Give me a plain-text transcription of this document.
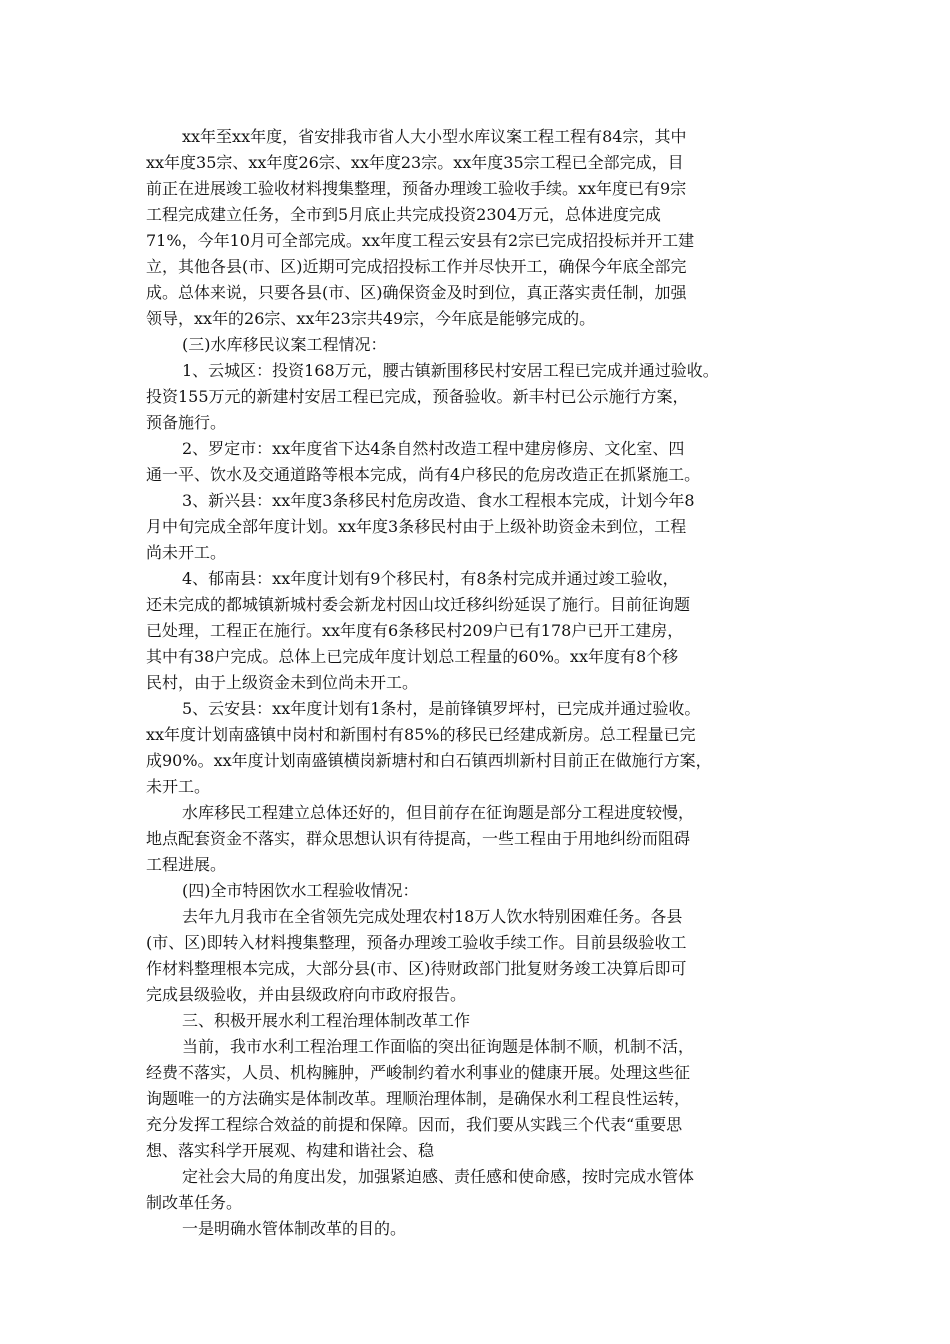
xx年至xx年度，省安排我市省人大小型水库议案工程工程有84宗，其中
xx年度35宗、xx年度26宗、xx年度23宗。xx年度35宗工程已全部完成，目
前正在进展竣工验收材料搜集整理，预备办理竣工验收手续。xx年度已有9宗
工程完成建立任务，全市到5月底止共完成投资2304万元，总体进度完成
71%，今年10月可全部完成。xx年度工程云安县有2宗已完成招投标并开工建
立，其他各县(市、区)近期可完成招投标工作并尽快开工，确保今年底全部完
成。总体来说，只要各县(市、区)确保资金及时到位，真正落实责任制，加强
领导，xx年的26宗、xx年23宗共49宗，今年底是能够完成的。
(三)水库移民议案工程情况：
1、云城区：投资168万元，腰古镇新围移民村安居工程已完成并通过验收。
投资155万元的新建村安居工程已完成，预备验收。新丰村已公示施行方案，
预备施行。
2、罗定市：xx年度省下达4条自然村改造工程中建房修房、文化室、四
通一平、饮水及交通道路等根本完成，尚有4户移民的危房改造正在抓紧施工。
3、新兴县：xx年度3条移民村危房改造、食水工程根本完成，计划今年8
月中旬完成全部年度计划。xx年度3条移民村由于上级补助资金未到位，工程
尚未开工。
4、郁南县：xx年度计划有9个移民村，有8条村完成并通过竣工验收，
还未完成的都城镇新城村委会新龙村因山坟迁移纠纷延误了施行。目前征询题
已处理，工程正在施行。xx年度有6条移民村209户已有178户已开工建房，
其中有38户完成。总体上已完成年度计划总工程量的60%。xx年度有8个移
民村，由于上级资金未到位尚未开工。
5、云安县：xx年度计划有1条村，是前锋镇罗坪村，已完成并通过验收。
xx年度计划南盛镇中岗村和新围村有85%的移民已经建成新房。总工程量已完
成90%。xx年度计划南盛镇横岗新塘村和白石镇西圳新村目前正在做施行方案，
未开工。
水库移民工程建立总体还好的，但目前存在征询题是部分工程进度较慢，
地点配套资金不落实，群众思想认识有待提高，一些工程由于用地纠纷而阻碍
工程进展。
(四)全市特困饮水工程验收情况：
去年九月我市在全省领先完成处理农村18万人饮水特别困难任务。各县
(市、区)即转入材料搜集整理，预备办理竣工验收手续工作。目前县级验收工
作材料整理根本完成，大部分县(市、区)待财政部门批复财务竣工决算后即可
完成县级验收，并由县级政府向市政府报告。
三、积极开展水利工程治理体制改革工作
当前，我市水利工程治理工作面临的突出征询题是体制不顺，机制不活，
经费不落实，人员、机构臃肿，严峻制约着水利事业的健康开展。处理这些征
询题唯一的方法确实是体制改革。理顺治理体制，是确保水利工程良性运转，
充分发挥工程综合效益的前提和保障。因而，我们要从实践三个代表“重要思
想、落实科学开展观、构建和谐社会、稳
定社会大局的角度出发，加强紧迫感、责任感和使命感，按时完成水管体
制改革任务。
一是明确水管体制改革的目的。
